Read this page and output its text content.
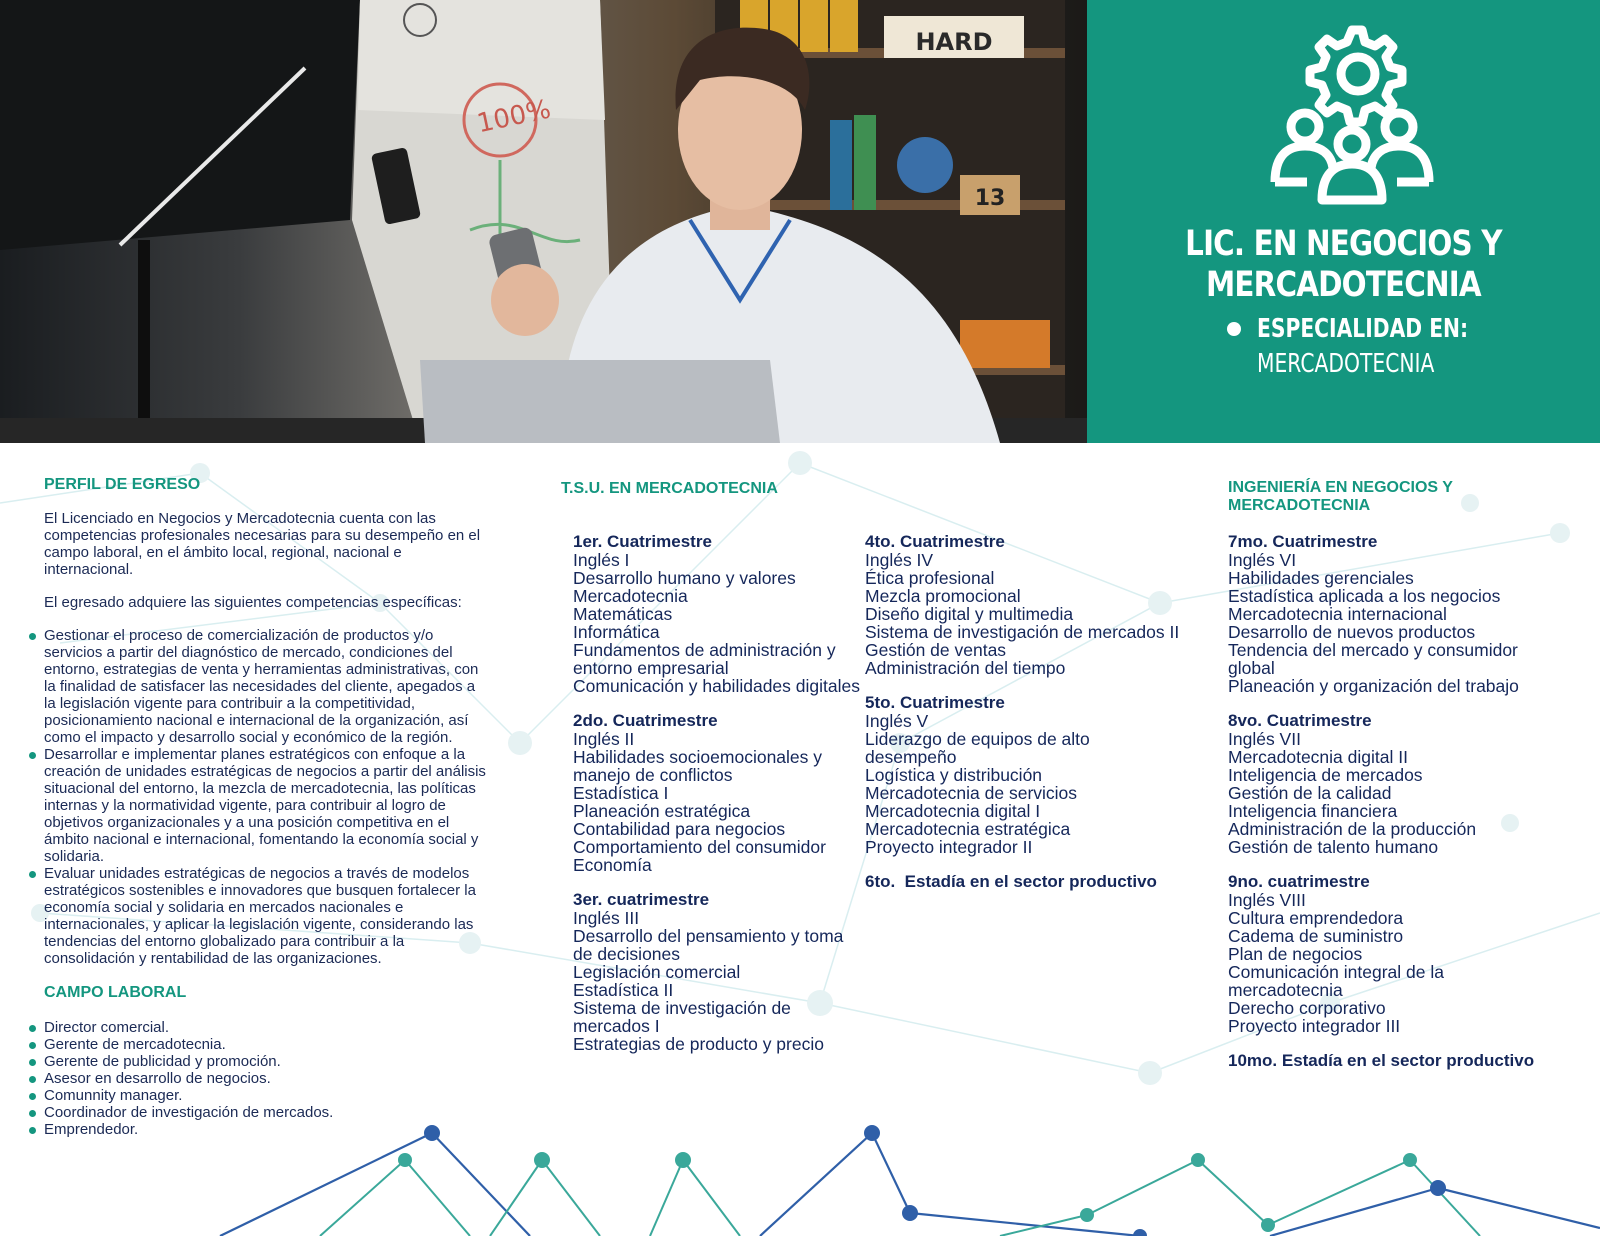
100%
HARD
13
LIC. EN NEGOCIOS Y
MERCADOTECNIA
ESPECIALIDAD EN:
MERCADOTECNIA
PERFIL DE EGRESO

El Licenciado en Negocios y Mercadotecnia cuenta con las competencias profesionales necesarias para su desempeño en el campo laboral, en el ámbito local, regional, nacional e internacional.

El egresado adquiere las siguientes competencias específicas:

Gestionar el proceso de comercialización de productos y/o servicios a partir del diagnóstico de mercado, condiciones del entorno, estrategias de venta y herramientas administrativas, con la finalidad de satisfacer las necesidades del cliente, apegados a la legislación vigente para contribuir a la competitividad, posicionamiento nacional e internacional de la organización, así como el impacto y desarrollo social y económico de la región.
Desarrollar e implementar planes estratégicos con enfoque a la creación de unidades estratégicas de negocios a partir del análisis situacional del entorno, la mezcla de mercadotecnia, las políticas internas y la normatividad vigente, para contribuir al logro de objetivos organizacionales y a una posición competitiva en el ámbito nacional e internacional, fomentando la economía social y solidaria.
Evaluar unidades estratégicas de negocios a través de modelos estratégicos sostenibles e innovadores que busquen fortalecer la economía social y solidaria en mercados nacionales e internacionales, y aplicar la legislación vigente, considerando las tendencias del entorno globalizado para contribuir a la consolidación y rentabilidad de las organizaciones.
CAMPO LABORAL
Director comercial.
Gerente de mercadotecnia.
Gerente de publicidad y promoción.
Asesor en desarrollo de negocios.
Comunnity manager.
Coordinador de investigación de mercados.
Emprendedor.
T.S.U. EN MERCADOTECNIA
1er. Cuatrimestre
Inglés I
Desarrollo humano y valores
Mercadotecnia
Matemáticas
Informática
Fundamentos de administración y entorno empresarial
Comunicación y habilidades digitales
2do. Cuatrimestre
Inglés II
Habilidades socioemocionales y manejo de conflictos
Estadística I
Planeación estratégica
Contabilidad para negocios
Comportamiento del consumidor
Economía
3er. cuatrimestre
Inglés III
Desarrollo del pensamiento y toma de decisiones
Legislación comercial
Estadística II
Sistema de investigación de mercados I
Estrategias de producto y precio
4to. Cuatrimestre
Inglés IV
Ética profesional
Mezcla promocional
Diseño digital y multimedia
Sistema de investigación de mercados II
Gestión de ventas
Administración del tiempo
5to. Cuatrimestre
Inglés V
Liderazgo de equipos de alto desempeño
Logística y distribución
Mercadotecnia de servicios
Mercadotecnia digital I
Mercadotecnia estratégica
Proyecto integrador II
6to.  Estadía en el sector productivo
INGENIERÍA EN NEGOCIOS Y
MERCADOTECNIA
7mo. Cuatrimestre
Inglés VI
Habilidades gerenciales
Estadística aplicada a los negocios
Mercadotecnia internacional
Desarrollo de nuevos productos
Tendencia del mercado y consumidor global
Planeación y organización del trabajo
8vo. Cuatrimestre
Inglés VII
Mercadotecnia digital II
Inteligencia de mercados
Gestión de la calidad
Inteligencia financiera
Administración de la producción
Gestión de talento humano
9no. cuatrimestre
Inglés VIII
Cultura emprendedora
Cadema de suministro
Plan de negocios
Comunicación integral de la mercadotecnia
Derecho corporativo
Proyecto integrador III
10mo. Estadía en el sector productivo
